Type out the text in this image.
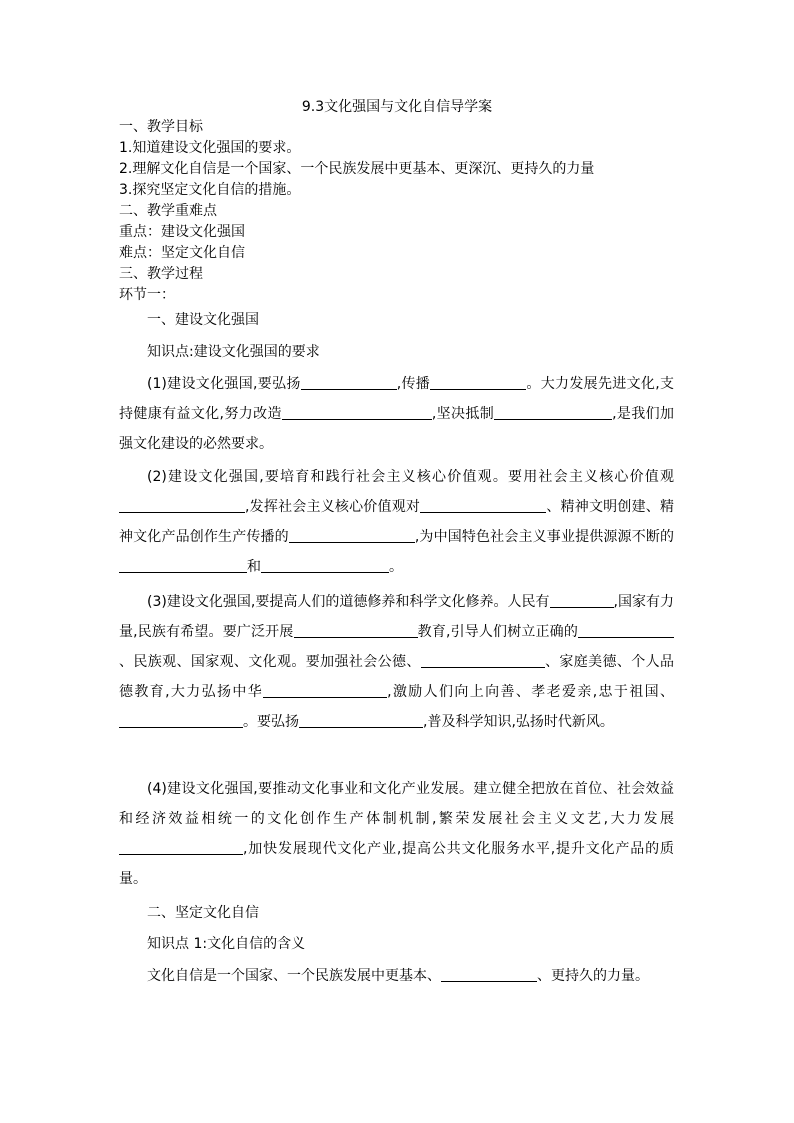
9.3文化强国与文化自信导学案
一、教学目标
1.知道建设文化强国的要求。
2.理解文化自信是一个国家、一个民族发展中更基本、更深沉、更持久的力量
3.探究坚定文化自信的措施。
二、教学重难点
重点：建设文化强国
难点：坚定文化自信
三、教学过程
环节一：
一、建设文化强国
知识点:建设文化强国的要求
(1)建设文化强国,要弘扬	,传播	。大力发展先进文化,支持健康有益文化,努力改造	,坚决抵制	,是我们加强文化建设的必然要求。
(2)建设文化强国,要培育和践行社会主义核心价值观。要用社会主义核心价值观,发挥社会主义核心价值观对	、精神文明创建、精神文化产品创作生产传播的	,为中国特色社会主义事业提供源源不断的和	。
(3)建设文化强国,要提高人们的道德修养和科学文化修养。人民有	,国家有力量,民族有希望。要广泛开展	教育,引导人们树立正确的、民族观、国家观、文化观。要加强社会公德、	、家庭美德、个人品德教育,大力弘扬中华	,激励人们向上向善、孝老爱亲,忠于祖国、。要弘扬	,普及科学知识,弘扬时代新风。
(4)建设文化强国,要推动文化事业和文化产业发展。建立健全把放在首位、社会效益和经济效益相统一的文化创作生产体制机制,繁荣发展社会主义文艺,大力发展,加快发展现代文化产业,提高公共文化服务水平,提升文化产品的质量。
二、坚定文化自信
知识点 1:文化自信的含义
文化自信是一个国家、一个民族发展中更基本、	、更持久的力量。
